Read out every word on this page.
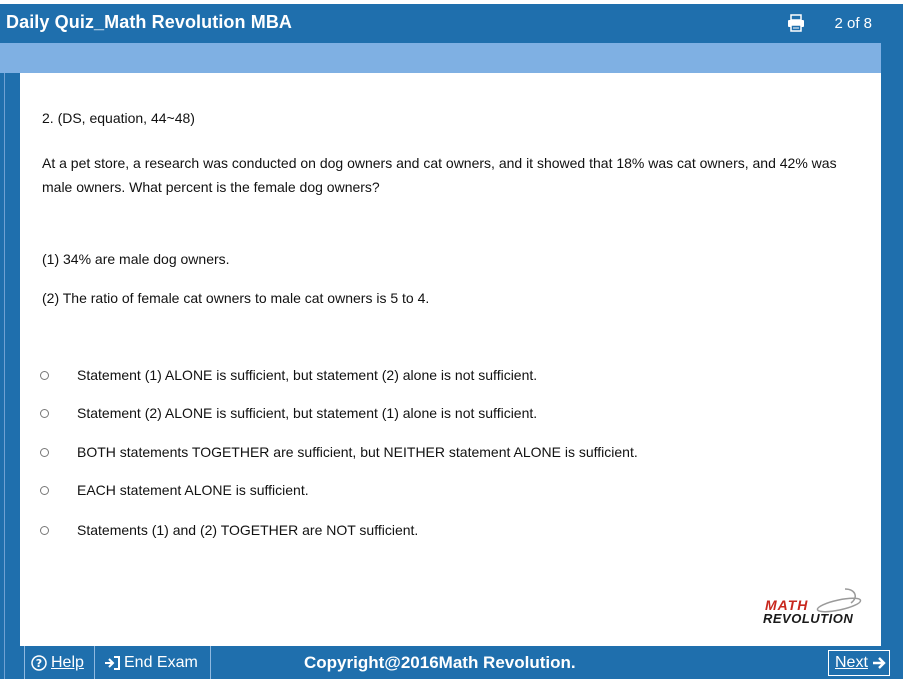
Daily Quiz_Math Revolution MBA	2 of 8

2. (DS, equation, 44~48)

At a pet store, a research was conducted on dog owners and cat owners, and it showed that 18% was cat owners, and 42% was male owners. What percent is the female dog owners?

(1) 34% are male dog owners.

(2) The ratio of female cat owners to male cat owners is 5 to 4.

Statement (1) ALONE is sufficient, but statement (2) alone is not sufficient.
Statement (2) ALONE is sufficient, but statement (1) alone is not sufficient.
BOTH statements TOGETHER are sufficient, but NEITHER statement ALONE is sufficient.
EACH statement ALONE is sufficient.
Statements (1) and (2) TOGETHER are NOT sufficient.
MATH
REVOLUTION
? Help	End Exam	Copyright@2016Math Revolution.	Next
